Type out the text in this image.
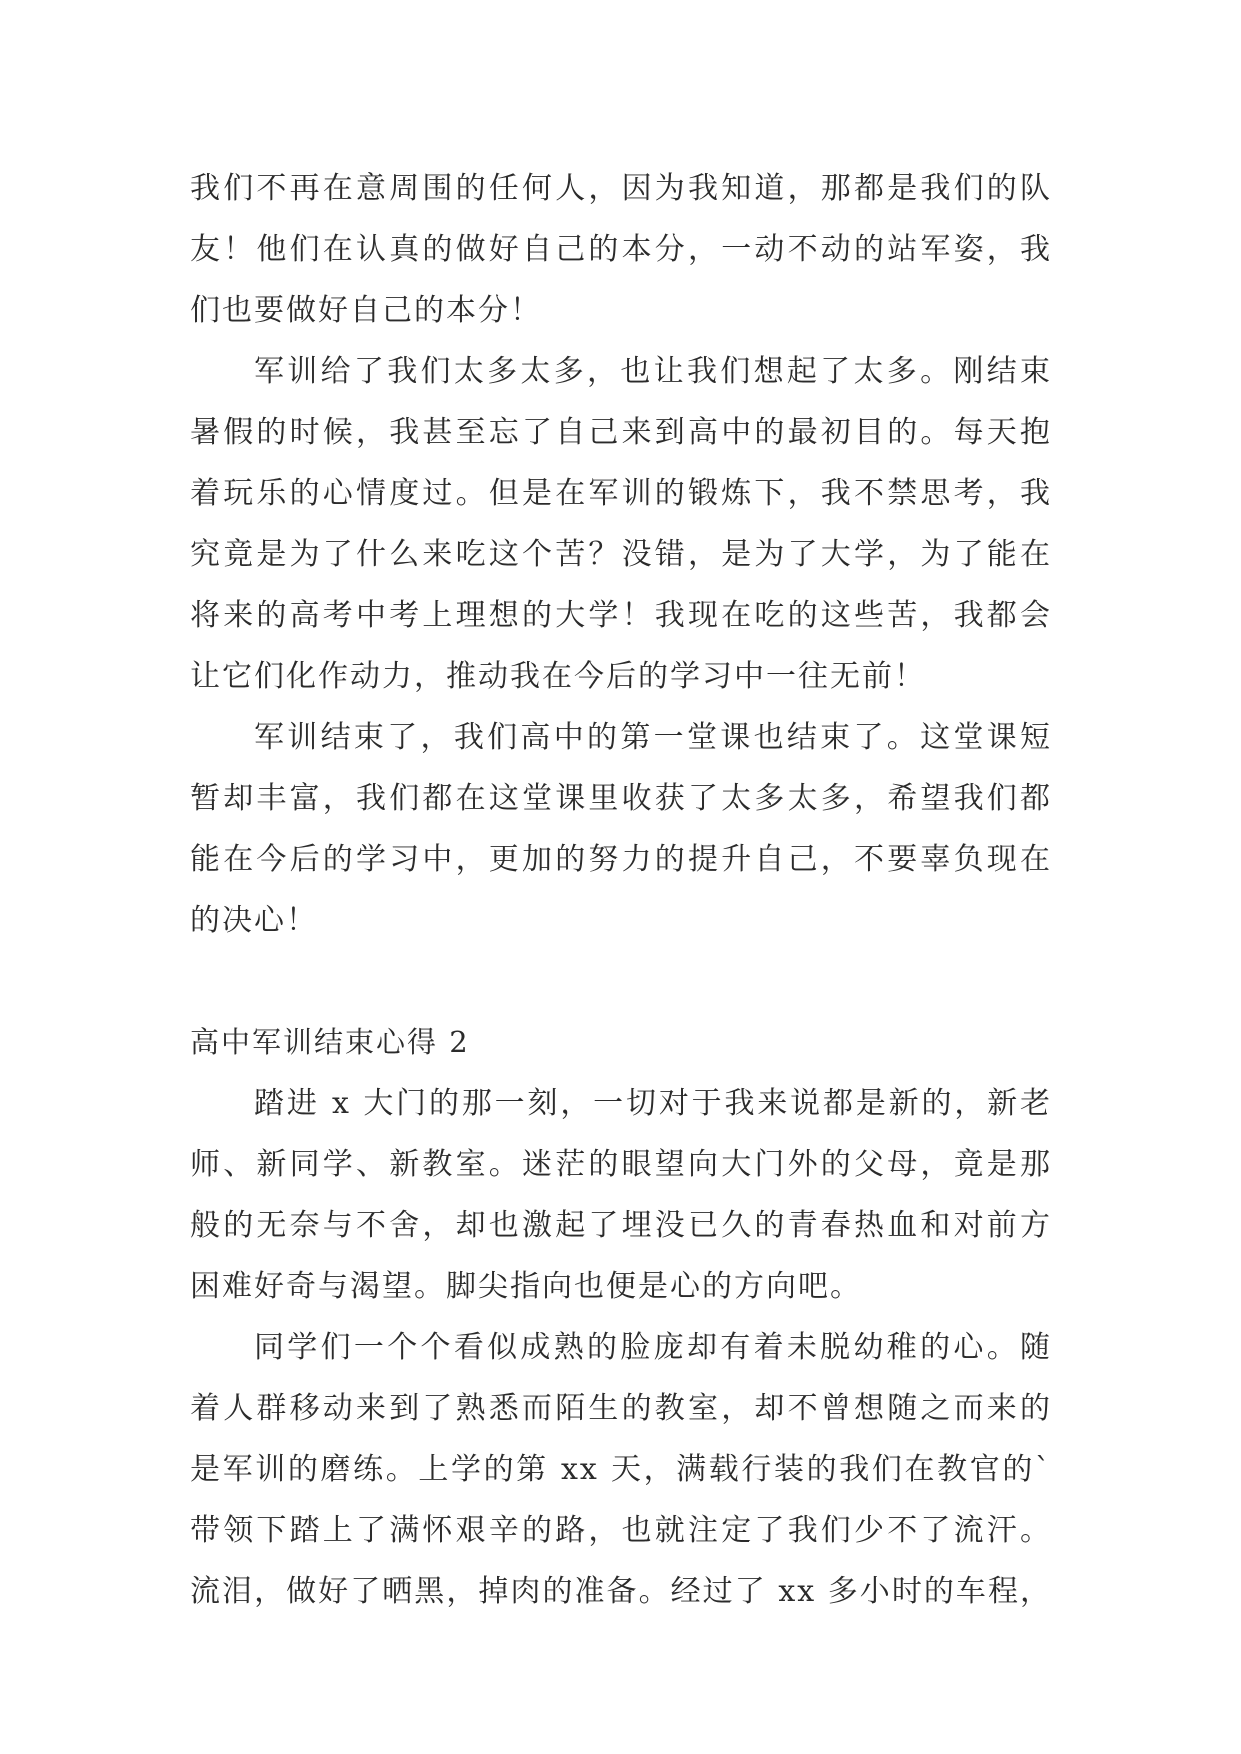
我们不再在意周围的任何人，因为我知道，那都是我们的队
友！他们在认真的做好自己的本分，一动不动的站军姿，我
们也要做好自己的本分！
军训给了我们太多太多，也让我们想起了太多。刚结束
暑假的时候，我甚至忘了自己来到高中的最初目的。每天抱
着玩乐的心情度过。但是在军训的锻炼下，我不禁思考，我
究竟是为了什么来吃这个苦？没错，是为了大学，为了能在
将来的高考中考上理想的大学！我现在吃的这些苦，我都会
让它们化作动力，推动我在今后的学习中一往无前！
军训结束了，我们高中的第一堂课也结束了。这堂课短
暂却丰富，我们都在这堂课里收获了太多太多，希望我们都
能在今后的学习中，更加的努力的提升自己，不要辜负现在
的决心！
高中军训结束心得 2
踏进 x 大门的那一刻，一切对于我来说都是新的，新老
师、新同学、新教室。迷茫的眼望向大门外的父母，竟是那
般的无奈与不舍，却也激起了埋没已久的青春热血和对前方
困难好奇与渴望。脚尖指向也便是心的方向吧。
同学们一个个看似成熟的脸庞却有着未脱幼稚的心。随
着人群移动来到了熟悉而陌生的教室，却不曾想随之而来的
是军训的磨练。上学的第 xx 天，满载行装的我们在教官的`
带领下踏上了满怀艰辛的路，也就注定了我们少不了流汗。
流泪，做好了晒黑，掉肉的准备。经过了 xx 多小时的车程，
